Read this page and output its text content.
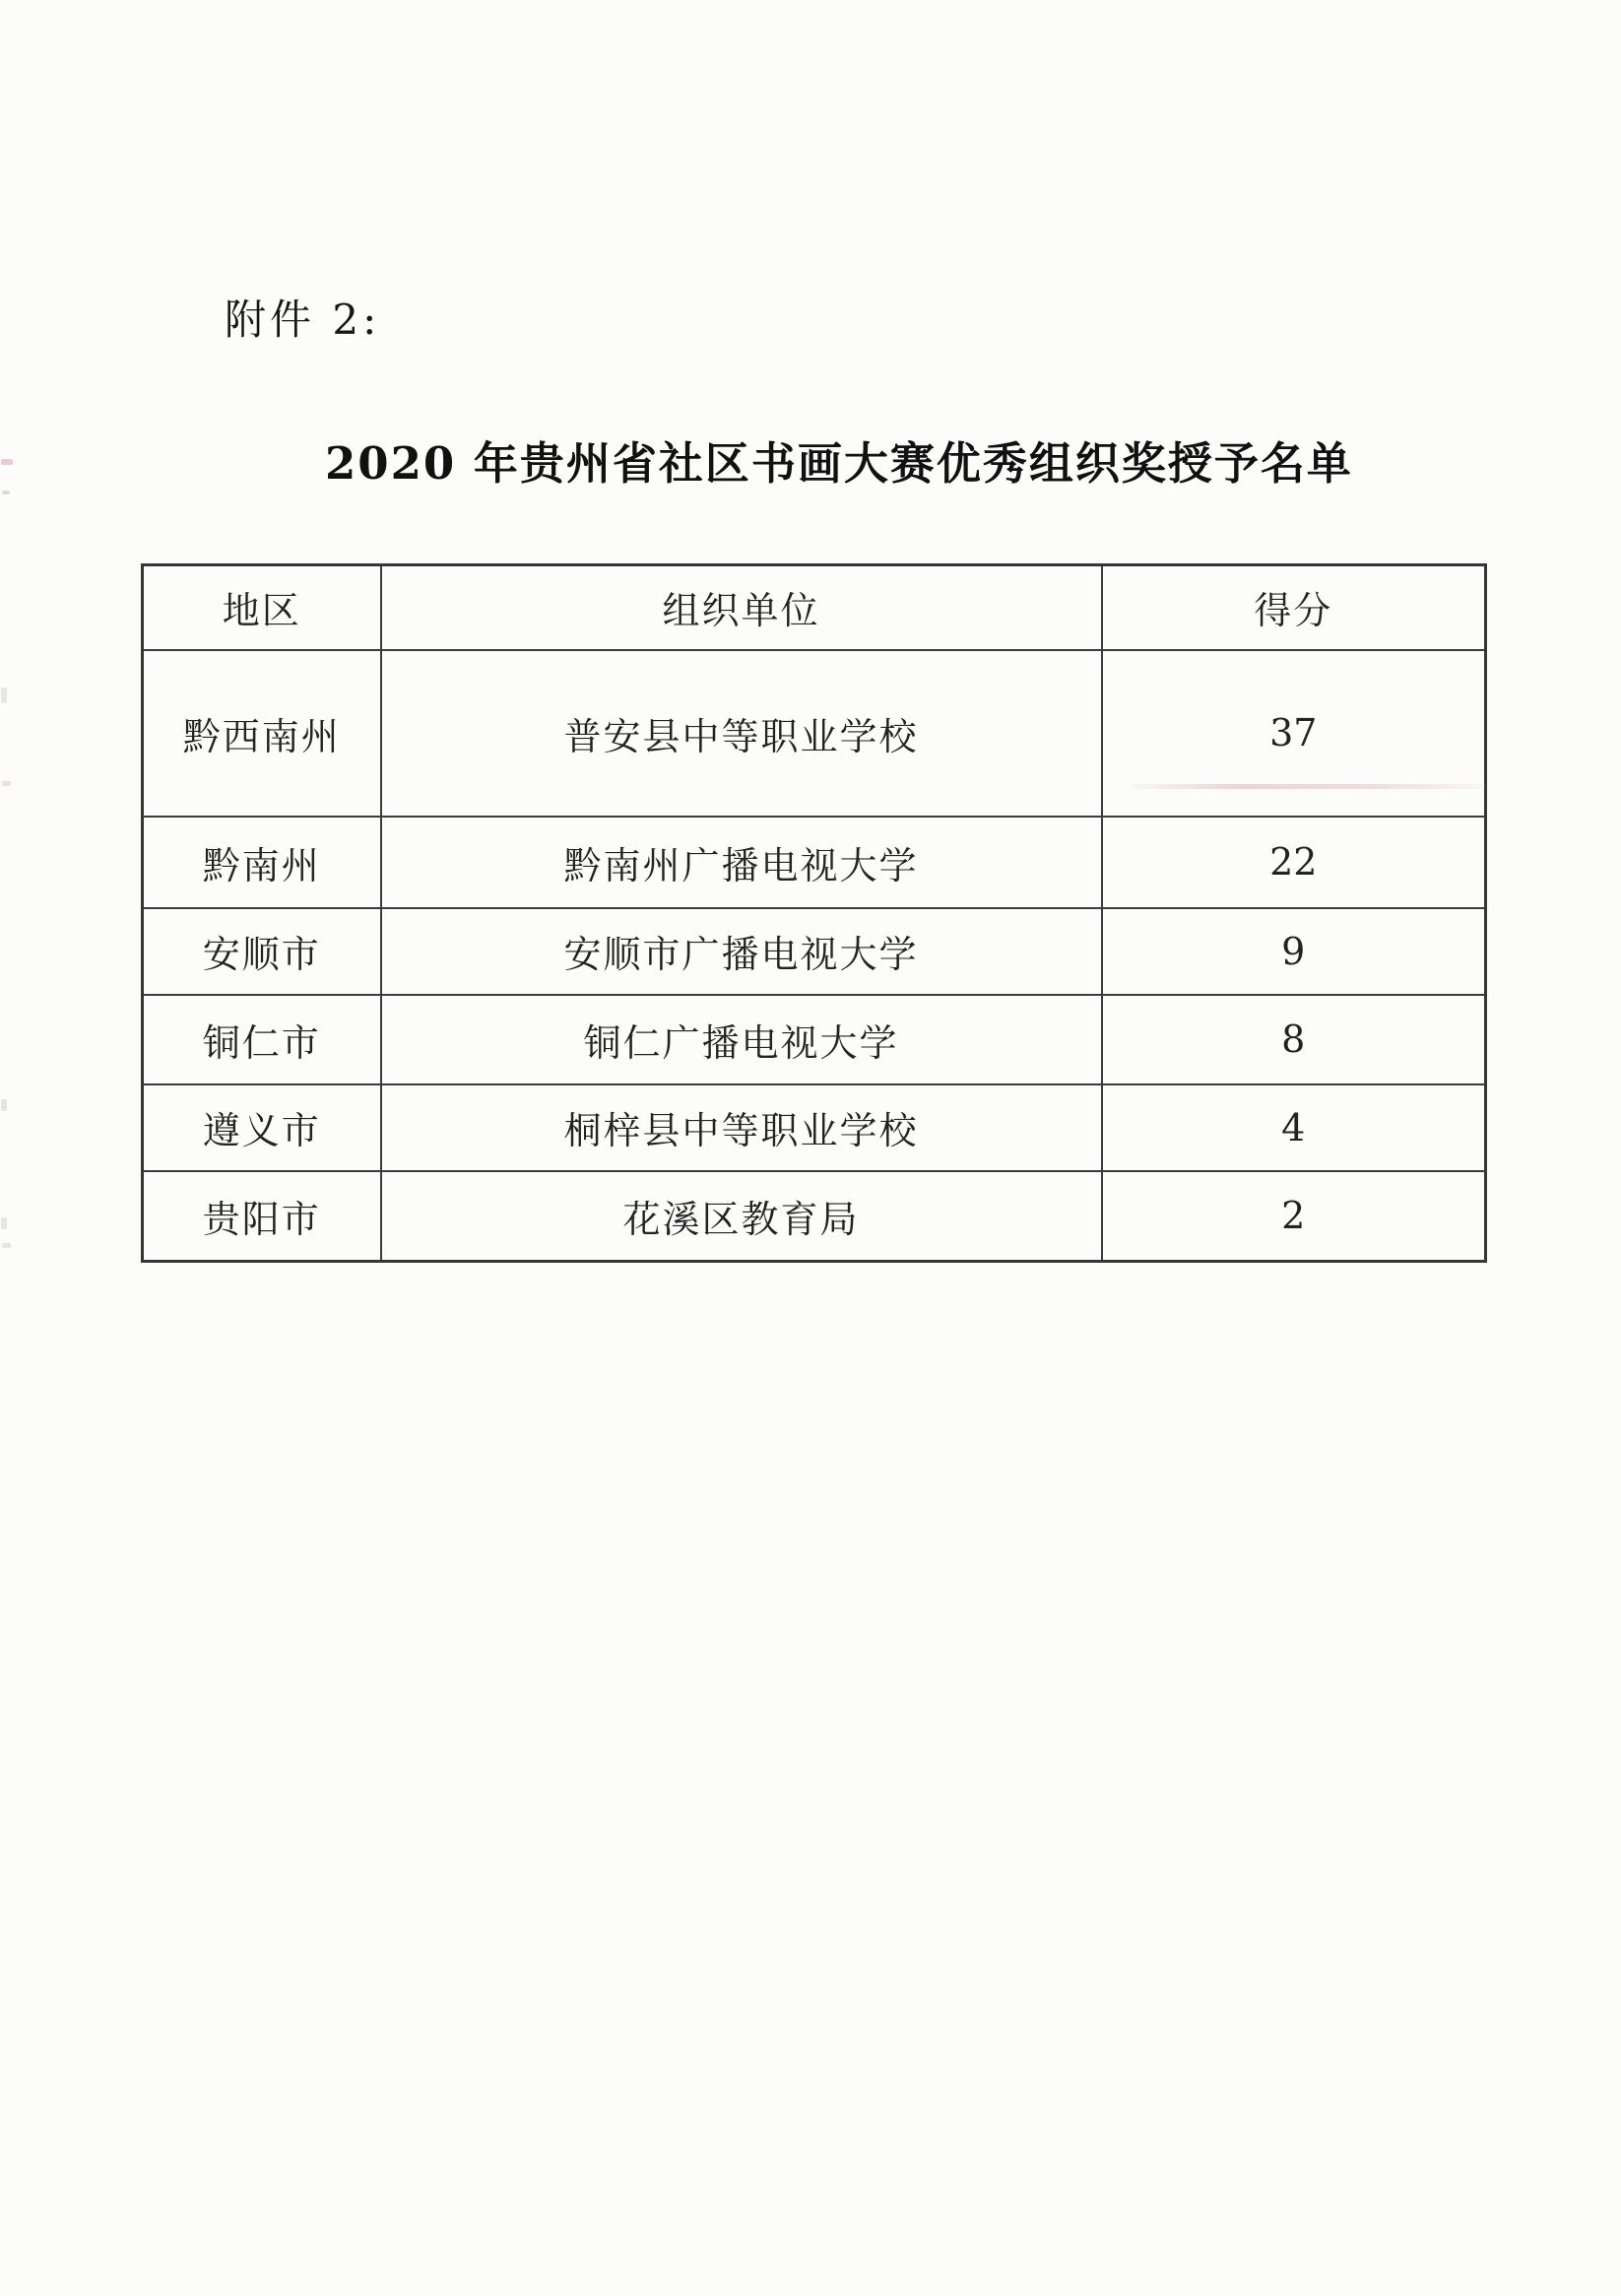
附件 2:
2020 年贵州省社区书画大赛优秀组织奖授予名单
地区	组织单位	得分
黔西南州	普安县中等职业学校	37
黔南州	黔南州广播电视大学	22
安顺市	安顺市广播电视大学	9
铜仁市	铜仁广播电视大学	8
遵义市	桐梓县中等职业学校	4
贵阳市	花溪区教育局	2
